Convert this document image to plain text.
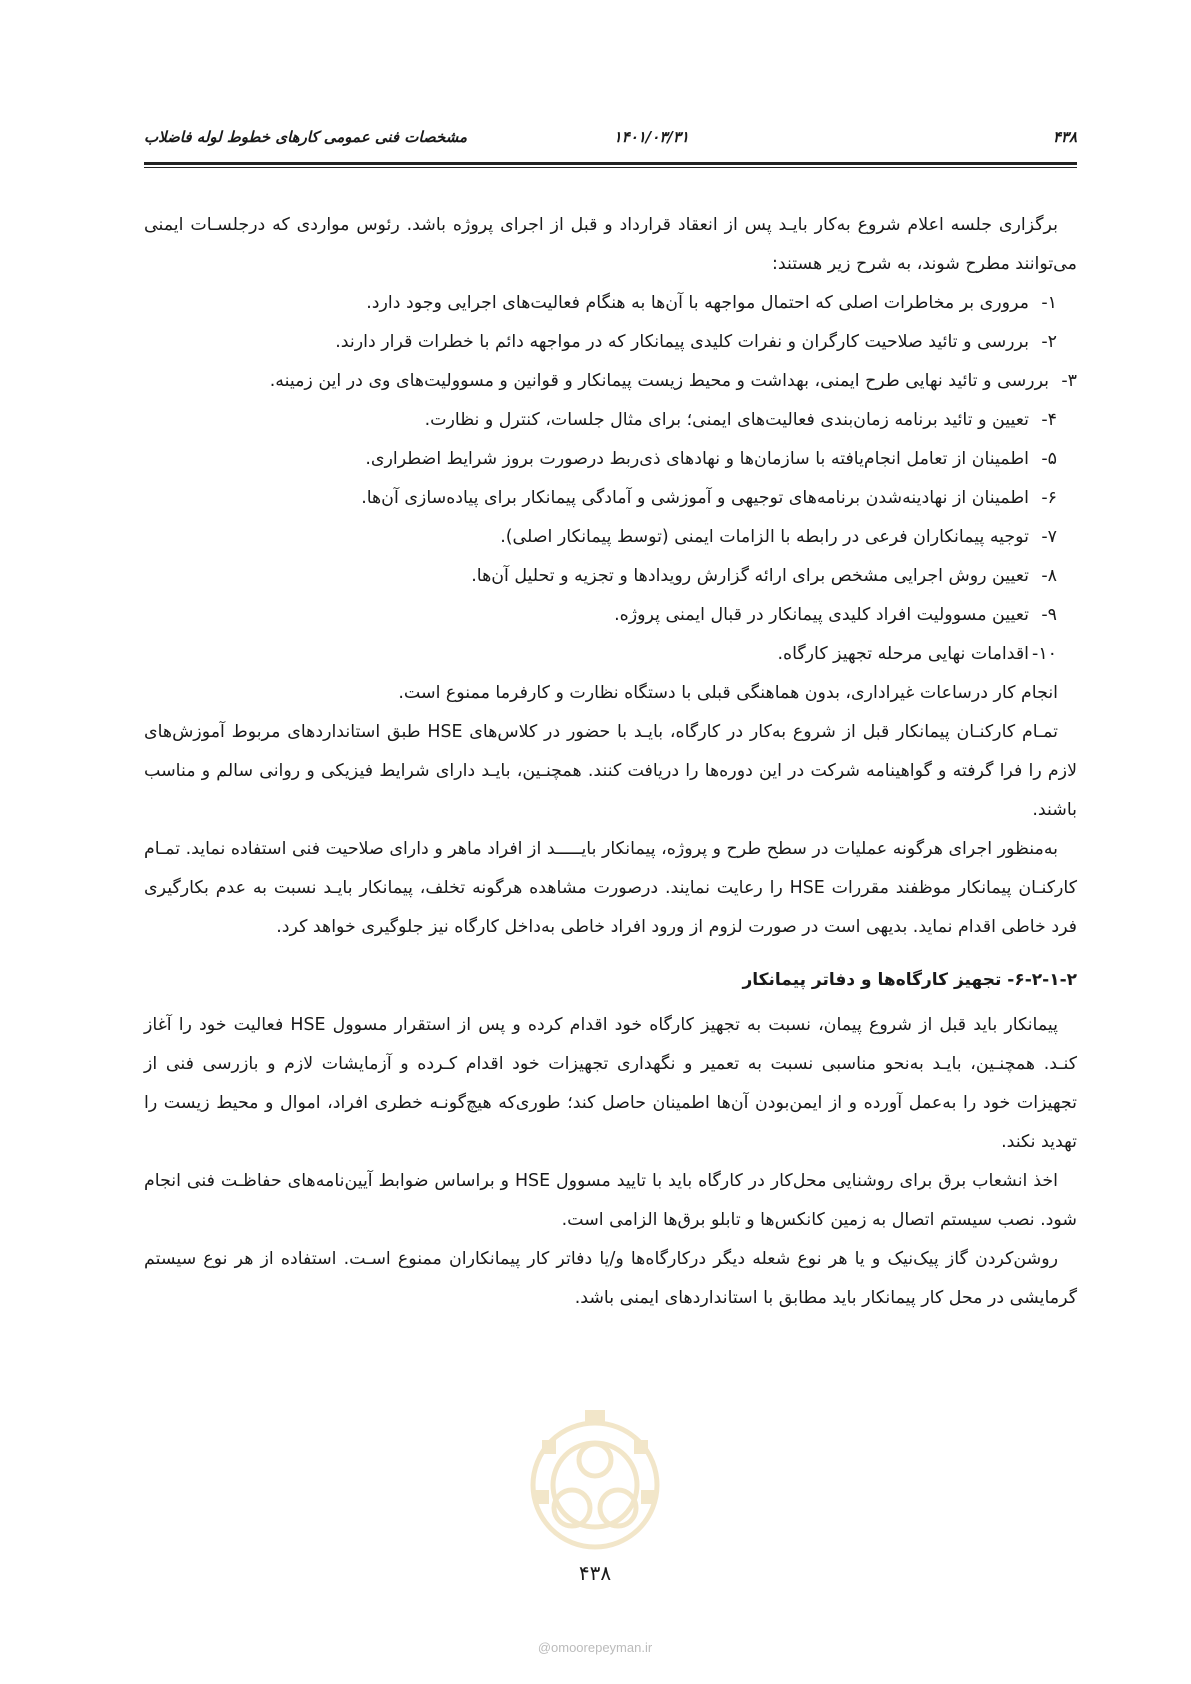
۴۳۸
۱۴۰۱/۰۳/۳۱
مشخصات فنی عمومی کارهای خطوط لوله فاضلاب

برگزاری جلسه اعلام شروع به‌کار بایـد پس از انعقاد قرارداد و قبل از اجرای پروژه باشد. رئوس مواردی که درجلسـات ایمنی می‌توانند مطرح شوند، به شرح زیر هستند:

۱-مروری بر مخاطرات اصلی که احتمال مواجهه با آن‌ها به هنگام فعالیت‌های اجرایی وجود دارد.
۲-بررسی و تائید صلاحیت کارگران و نفرات کلیدی پیمانکار که در مواجهه دائم با خطرات قرار دارند.
۳-بررسی و تائید نهایی طرح ایمنی، بهداشت و محیط زیست پیمانکار و قوانین و مسوولیت‌های وی در این زمینه.
۴-تعیین و تائید برنامه زمان‌بندی فعالیت‌های ایمنی؛ برای مثال جلسات، کنترل و نظارت.
۵-اطمینان از تعامل انجام‌یافته با سازمان‌ها و نهادهای ذی‌ربط درصورت بروز شرایط اضطراری.
۶-اطمینان از نهادینه‌شدن برنامه‌های توجیهی و آموزشی و آمادگی پیمانکار برای پیاده‌سازی آن‌ها.
۷-توجیه پیمانکاران فرعی در رابطه با الزامات ایمنی (توسط پیمانکار اصلی).
۸-تعیین روش اجرایی مشخص برای ارائه گزارش رویدادها و تجزیه و تحلیل آن‌ها.
۹-تعیین مسوولیت افراد کلیدی پیمانکار در قبال ایمنی پروژه.
۱۰-اقدامات نهایی مرحله تجهیز کارگاه.

انجام کار درساعات غیراداری، بدون هماهنگی قبلی با دستگاه نظارت و کارفرما ممنوع است.

تمـام کارکنـان پیمانکار قبل از شروع به‌کار در کارگاه، بایـد با حضور در کلاس‌های HSE طبق استانداردهای مربوط آموزش‌های لازم را فرا گرفته و گواهینامه شرکت در این دوره‌ها را دریافت کنند. همچنـین، بایـد دارای شرایط فیزیکی و روانی سالم و مناسب باشند.

به‌منظور اجرای هرگونه عملیات در سطح طرح و پروژه، پیمانکار بایـــــد از افراد ماهر و دارای صلاحیت فنی استفاده نماید. تمـام کارکنـان پیمانکار موظفند مقررات HSE را رعایت نمایند. درصورت مشاهده هرگونه تخلف، پیمانکار بایـد نسبت به عدم بکارگیری فرد خاطی اقدام نماید. بدیهی است در صورت لزوم از ورود افراد خاطی به‌داخل کارگاه نیز جلوگیری خواهد کرد.

۶-۲-۱-۲- تجهیز کارگاه‌ها و دفاتر پیمانکار

پیمانکار باید قبل از شروع پیمان، نسبت به تجهیز کارگاه خود اقدام کرده و پس از استقرار مسوول HSE فعالیت خود را آغاز کنـد. همچنـین، بایـد به‌نحو مناسبی نسبت به تعمیر و نگهداری تجهیزات خود اقدام کـرده و آزمایشات لازم و بازرسی فنی از تجهیزات خود را به‌عمل آورده و از ایمن‌بودن آن‌ها اطمینان حاصل کند؛ طوری‌که هیچ‌گونـه خطری افراد، اموال و محیط زیست را تهدید نکند.

اخذ انشعاب برق برای روشنایی محل‌کار در کارگاه باید با تایید مسوول HSE و براساس ضوابط آیین‌نامه‌های حفاظـت فنی انجام شود. نصب سیستم اتصال به زمین کانکس‌ها و تابلو برق‌ها الزامی است.

روشن‌کردن گاز پیک‌نیک و یا هر نوع شعله دیگر درکارگاه‌ها و/یا دفاتر کار پیمانکاران ممنوع اسـت. استفاده از هر نوع سیستم گرمایشی در محل کار پیمانکار باید مطابق با استانداردهای ایمنی باشد.

۴۳۸
@omoorepeyman.ir
